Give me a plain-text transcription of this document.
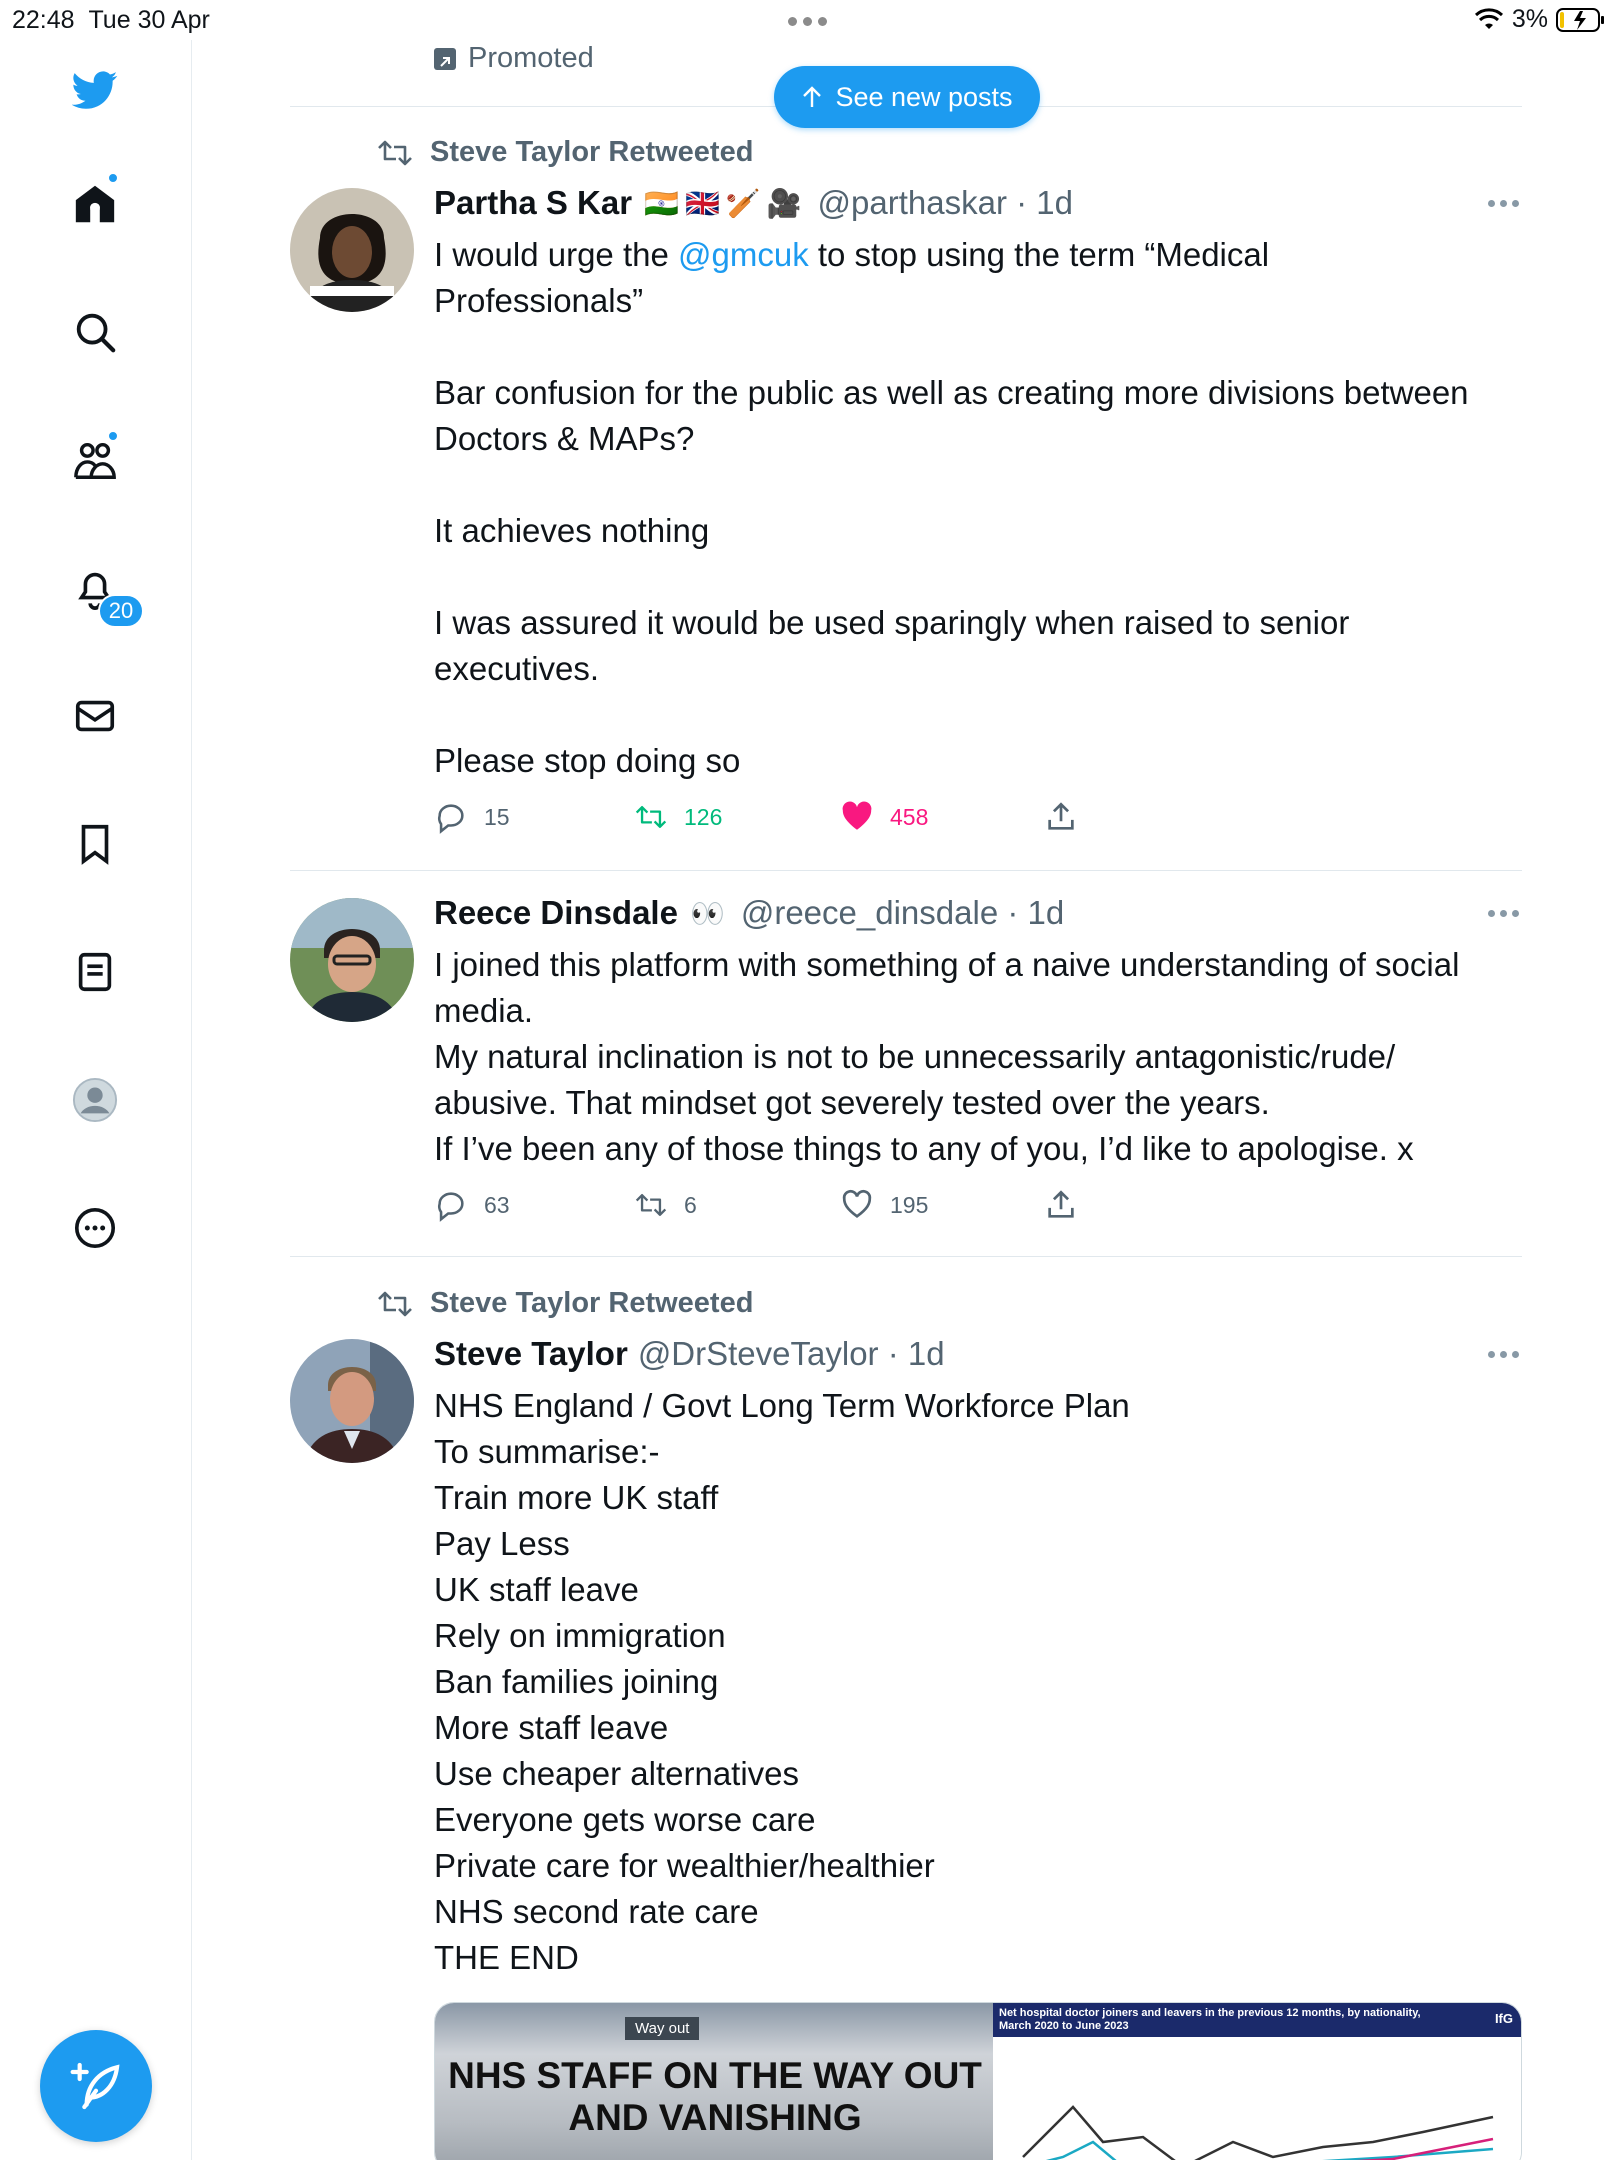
22:48 Tue 30 Apr	3%
20
Promoted
See new posts
Steve Taylor Retweeted
Partha S Kar 🇮🇳🇬🇧🏏🎥 @parthaskar · 1d

I would urge the @gmcuk to stop using the term “Medical

Professionals”

Bar confusion for the public as well as creating more divisions between

Doctors & MAPs?

It achieves nothing

I was assured it would be used sparingly when raised to senior

executives.

Please stop doing so

15	126	458
Reece Dinsdale 👀 @reece_dinsdale · 1d

I joined this platform with something of a naive understanding of social

media.

My natural inclination is not to be unnecessarily antagonistic/rude/

abusive. That mindset got severely tested over the years.

If I’ve been any of those things to any of you, I’d like to apologise. x

63	6	195
Steve Taylor Retweeted
Steve Taylor @DrSteveTaylor · 1d

NHS England / Govt Long Term Workforce Plan

To summarise:-

Train more UK staff

Pay Less

UK staff leave

Rely on immigration

Ban families joining

More staff leave

Use cheaper alternatives

Everyone gets worse care

Private care for wealthier/healthier

NHS second rate care

THE END

Way out
NHS STAFF ON THE WAY OUT AND VANISHING
Net hospital doctor joiners and leavers in the previous 12 months, by nationality, March 2020 to June 2023	IfG
